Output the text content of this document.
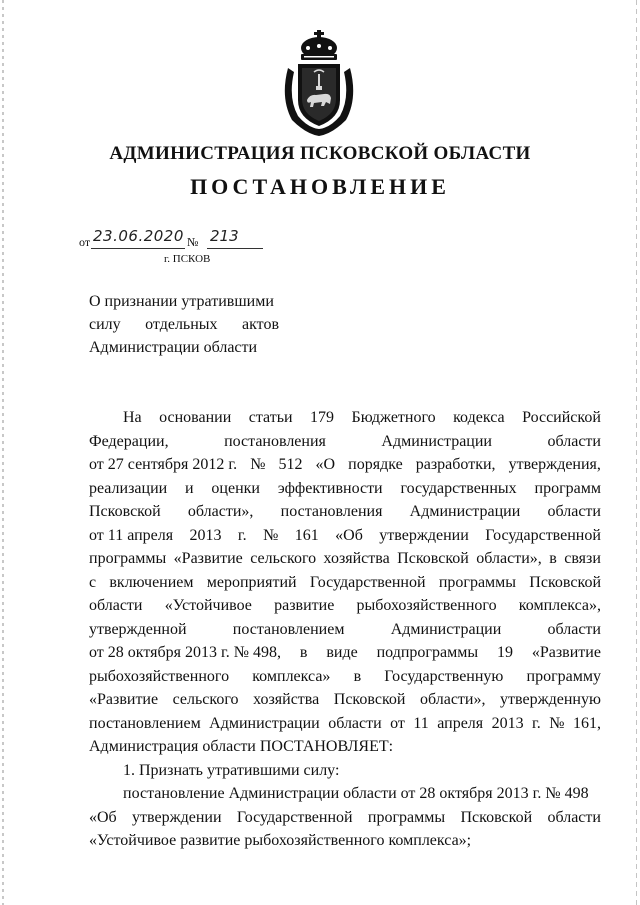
АДМИНИСТРАЦИЯ ПСКОВСКОЙ ОБЛАСТИ
ПОСТАНОВЛЕНИЕ
от 23.06.2020 № 213
г. ПСКОВ
О признании утратившими
силу отдельных актов
Администрации области
На основании статьи 179 Бюджетного кодекса Российской
Федерации,	постановления	Администрации	области
от 27 сентября 2012 г. № 512 «О порядке разработки, утверждения,
реализации и оценки эффективности государственных программ
Псковской области», постановления Администрации области
от 11 апреля 2013 г. № 161 «Об утверждении Государственной
программы «Развитие сельского хозяйства Псковской области», в связи
с включением мероприятий Государственной программы Псковской
области «Устойчивое развитие рыбохозяйственного комплекса»,
утвержденной	постановлением	Администрации	области
от 28 октября 2013 г. № 498, в виде подпрограммы 19 «Развитие
рыбохозяйственного комплекса» в Государственную программу
«Развитие сельского хозяйства Псковской области», утвержденную
постановлением Администрации области от 11 апреля 2013 г. № 161,
Администрация области ПОСТАНОВЛЯЕТ:
1. Признать утратившими силу:
постановление Администрации области от 28 октября 2013 г. № 498
«Об утверждении Государственной программы Псковской области
«Устойчивое развитие рыбохозяйственного комплекса»;
